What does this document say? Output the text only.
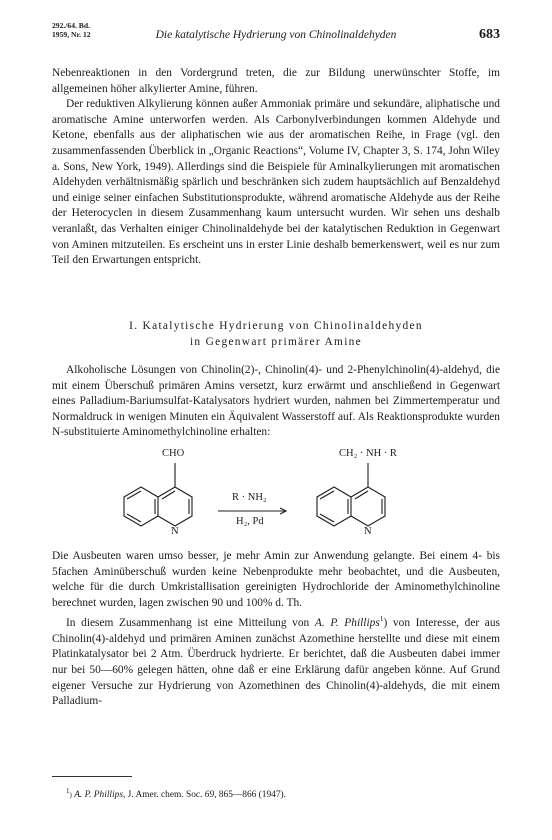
292./64. Bd.
1959, Nr. 12	Die katalytische Hydrierung von Chinolinaldehyden	683

Nebenreaktionen in den Vordergrund treten, die zur Bildung unerwünschter Stoffe, im allgemeinen höher alkylierter Amine, führen.

Der reduktiven Alkylierung können außer Ammoniak primäre und sekundäre, aliphatische und aromatische Amine unterworfen werden. Als Carbonylverbindungen kommen Aldehyde und Ketone, ebenfalls aus der aliphatischen wie aus der aromatischen Reihe, in Frage (vgl. den zusammenfassenden Überblick in „Organic Reactions“, Volume IV, Chapter 3, S. 174, John Wiley a. Sons, New York, 1949). Allerdings sind die Beispiele für Aminalkylierungen mit aromatischen Aldehyden verhältnismäßig spärlich und beschränken sich zudem hauptsächlich auf Benzaldehyd und einige seiner einfachen Substitutionsprodukte, während aromatische Aldehyde aus der Reihe der Heterocyclen in diesem Zusammenhang kaum untersucht wurden. Wir sehen uns deshalb veranlaßt, das Verhalten einiger Chinolinaldehyde bei der katalytischen Reduktion in Gegenwart von Aminen mitzuteilen. Es erscheint uns in erster Linie deshalb bemerkenswert, weil es nur zum Teil den Erwartungen entspricht.

I. Katalytische Hydrierung von Chinolinaldehyden
in Gegenwart primärer Amine

Alkoholische Lösungen von Chinolin(2)-, Chinolin(4)- und 2-Phenylchinolin(4)-aldehyd, die mit einem Überschuß primären Amins versetzt, kurz erwärmt und anschließend in Gegenwart eines Palladium-Bariumsulfat-Katalysators hydriert wurden, nahmen bei Zimmertemperatur und Normaldruck in wenigen Minuten ein Äquivalent Wasserstoff auf. Als Reaktionsprodukte wurden N-substituierte Aminomethylchinoline erhalten:

CHO	CH₂ · NH · R
R · NH₂
H₂, Pd
N	N

Die Ausbeuten waren umso besser, je mehr Amin zur Anwendung gelangte. Bei einem 4- bis 5fachen Aminüberschuß wurden keine Nebenprodukte mehr beobachtet, und die Ausbeuten, welche für die durch Umkristallisation gereinigten Hydrochloride der Aminomethylchinoline berechnet wurden, lagen zwischen 90 und 100% d. Th.

In diesem Zusammenhang ist eine Mitteilung von A. P. Phillips$^1$) von Interesse, der aus Chinolin(4)-aldehyd und primären Aminen zunächst Azomethine herstellte und diese mit einem Platinkatalysator bei 2 Atm. Überdruck hydrierte. Er berichtet, daß die Ausbeuten dabei immer nur bei 50—60% gelegen hätten, ohne daß er eine Erklärung dafür angeben könne. Auf Grund eigener Versuche zur Hydrierung von Azomethinen des Chinolin(4)-aldehyds, die mit einem Palladium-

$^1$) A. P. Phillips, J. Amer. chem. Soc. 69, 865—866 (1947).
